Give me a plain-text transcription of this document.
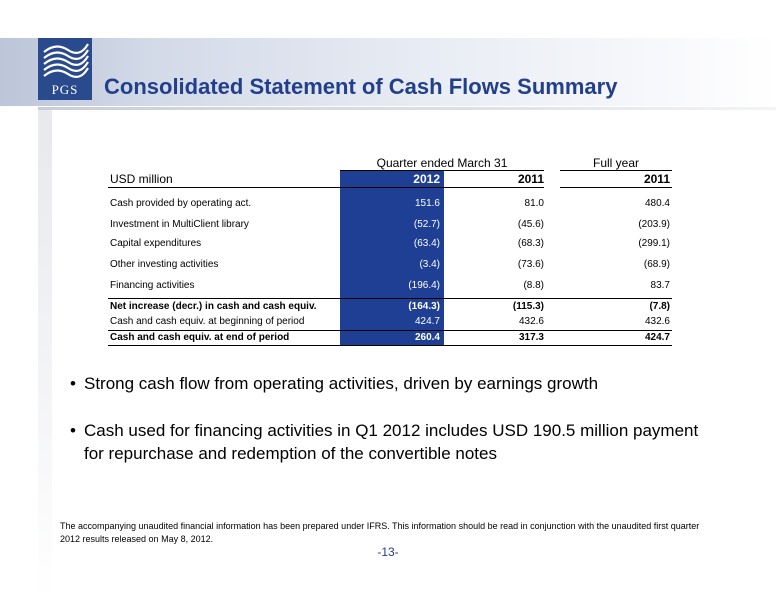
PGS	Consolidated Statement of Cash Flows Summary
Quarter ended March 31	Full year
USD million	2012	2011	2011
Cash provided by operating act.	151.6	81.0	480.4
Investment in MultiClient library	(52.7)	(45.6)	(203.9)
Capital expenditures	(63.4)	(68.3)	(299.1)
Other investing activities	(3.4)	(73.6)	(68.9)
Financing activities	(196.4)	(8.8)	83.7
Net increase (decr.) in cash and cash equiv.	(164.3)	(115.3)	(7.8)
Cash and cash equiv. at beginning of period	424.7	432.6	432.6
Cash and cash equiv. at end of period	260.4	317.3	424.7
• Strong cash flow from operating activities, driven by earnings growth
• Cash used for financing activities in Q1 2012 includes USD 190.5 million payment for repurchase and redemption of the convertible notes
The accompanying unaudited financial information has been prepared under IFRS. This information should be read in conjunction with the unaudited first quarter 2012 results released on May 8, 2012.
-13-
